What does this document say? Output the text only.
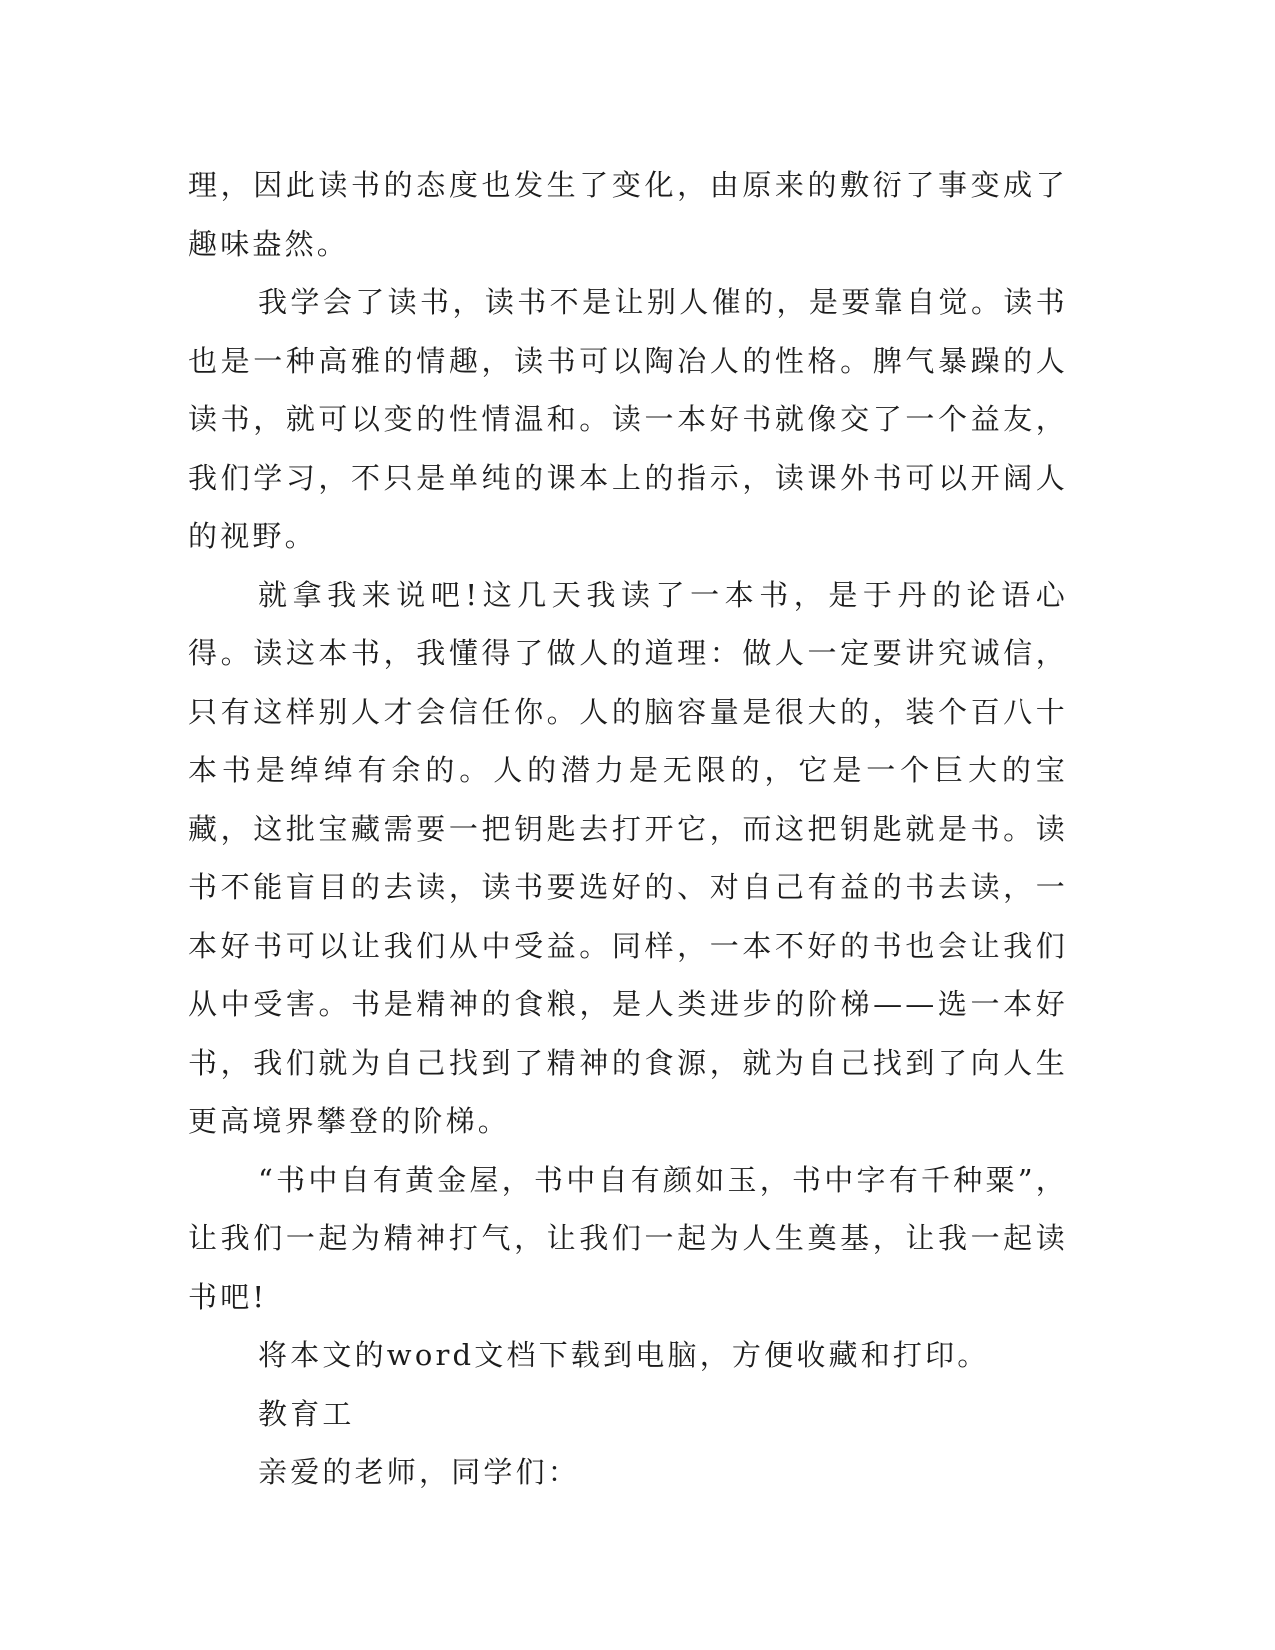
理，因此读书的态度也发生了变化，由原来的敷衍了事变成了趣味盎然。

我学会了读书，读书不是让别人催的，是要靠自觉。读书也是一种高雅的情趣，读书可以陶冶人的性格。脾气暴躁的人读书，就可以变的性情温和。读一本好书就像交了一个益友，我们学习，不只是单纯的课本上的指示，读课外书可以开阔人的视野。

就拿我来说吧!这几天我读了一本书，是于丹的论语心得。读这本书，我懂得了做人的道理：做人一定要讲究诚信，只有这样别人才会信任你。人的脑容量是很大的，装个百八十本书是绰绰有余的。人的潜力是无限的，它是一个巨大的宝藏，这批宝藏需要一把钥匙去打开它，而这把钥匙就是书。读书不能盲目的去读，读书要选好的、对自己有益的书去读，一本好书可以让我们从中受益。同样，一本不好的书也会让我们从中受害。书是精神的食粮，是人类进步的阶梯——选一本好书，我们就为自己找到了精神的食源，就为自己找到了向人生更高境界攀登的阶梯。

“书中自有黄金屋，书中自有颜如玉，书中字有千种粟”，让我们一起为精神打气，让我们一起为人生奠基，让我一起读书吧!

将本文的word文档下载到电脑，方便收藏和打印。

教育工

亲爱的老师，同学们：
